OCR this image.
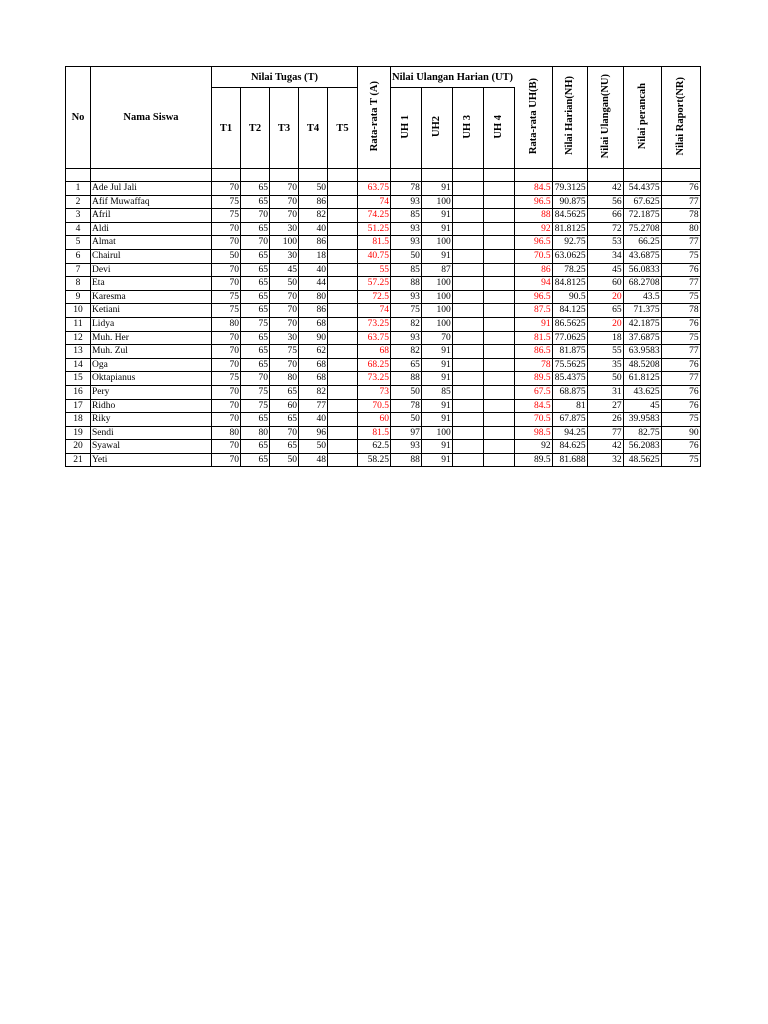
No	Nama Siswa	Nilai Tugas (T)					Rata-rata T (A)	Nilai Ulangan Harian (UT)				Rata-rata UH(B)	Nilai Harian(NH)	Nilai Ulangan(NU)	Nilai perancah	Nilai Raport(NR)
		T1	T2	T3	T4	T5		UH 1	UH2	UH 3	UH 4					

1	Ade Jul Jali	70	65	70	50		63.75	78	91			84.5	79.3125	42	54.4375	76
2	Afif Muwaffaq	75	65	70	86		74	93	100			96.5	90.875	56	67.625	77
3	Afril	75	70	70	82		74.25	85	91			88	84.5625	66	72.1875	78
4	Aldi	70	65	30	40		51.25	93	91			92	81.8125	72	75.2708	80
5	Almat	70	70	100	86		81.5	93	100			96.5	92.75	53	66.25	77
6	Chairul	50	65	30	18		40.75	50	91			70.5	63.0625	34	43.6875	75
7	Devi	70	65	45	40		55	85	87			86	78.25	45	56.0833	76
8	Eta	70	65	50	44		57.25	88	100			94	84.8125	60	68.2708	77
9	Karesma	75	65	70	80		72.5	93	100			96.5	90.5	20	43.5	75
10	Ketiani	75	65	70	86		74	75	100			87.5	84.125	65	71.375	78
11	Lidya	80	75	70	68		73.25	82	100			91	86.5625	20	42.1875	76
12	Muh. Her	70	65	30	90		63.75	93	70			81.5	77.0625	18	37.6875	75
13	Muh. Zul	70	65	75	62		68	82	91			86.5	81.875	55	63.9583	77
14	Oga	70	65	70	68		68.25	65	91			78	75.5625	35	48.5208	76
15	Oktapianus	75	70	80	68		73.25	88	91			89.5	85.4375	50	61.8125	77
16	Pery	70	75	65	82		73	50	85			67.5	68.875	31	43.625	76
17	Ridho	70	75	60	77		70.5	78	91			84.5	81	27	45	76
18	Riky	70	65	65	40		60	50	91			70.5	67.875	26	39.9583	75
19	Sendi	80	80	70	96		81.5	97	100			98.5	94.25	77	82.75	90
20	Syawal	70	65	65	50		62.5	93	91			92	84.625	42	56.2083	76
21	Yeti	70	65	50	48		58.25	88	91			89.5	81.688	32	48.5625	75
